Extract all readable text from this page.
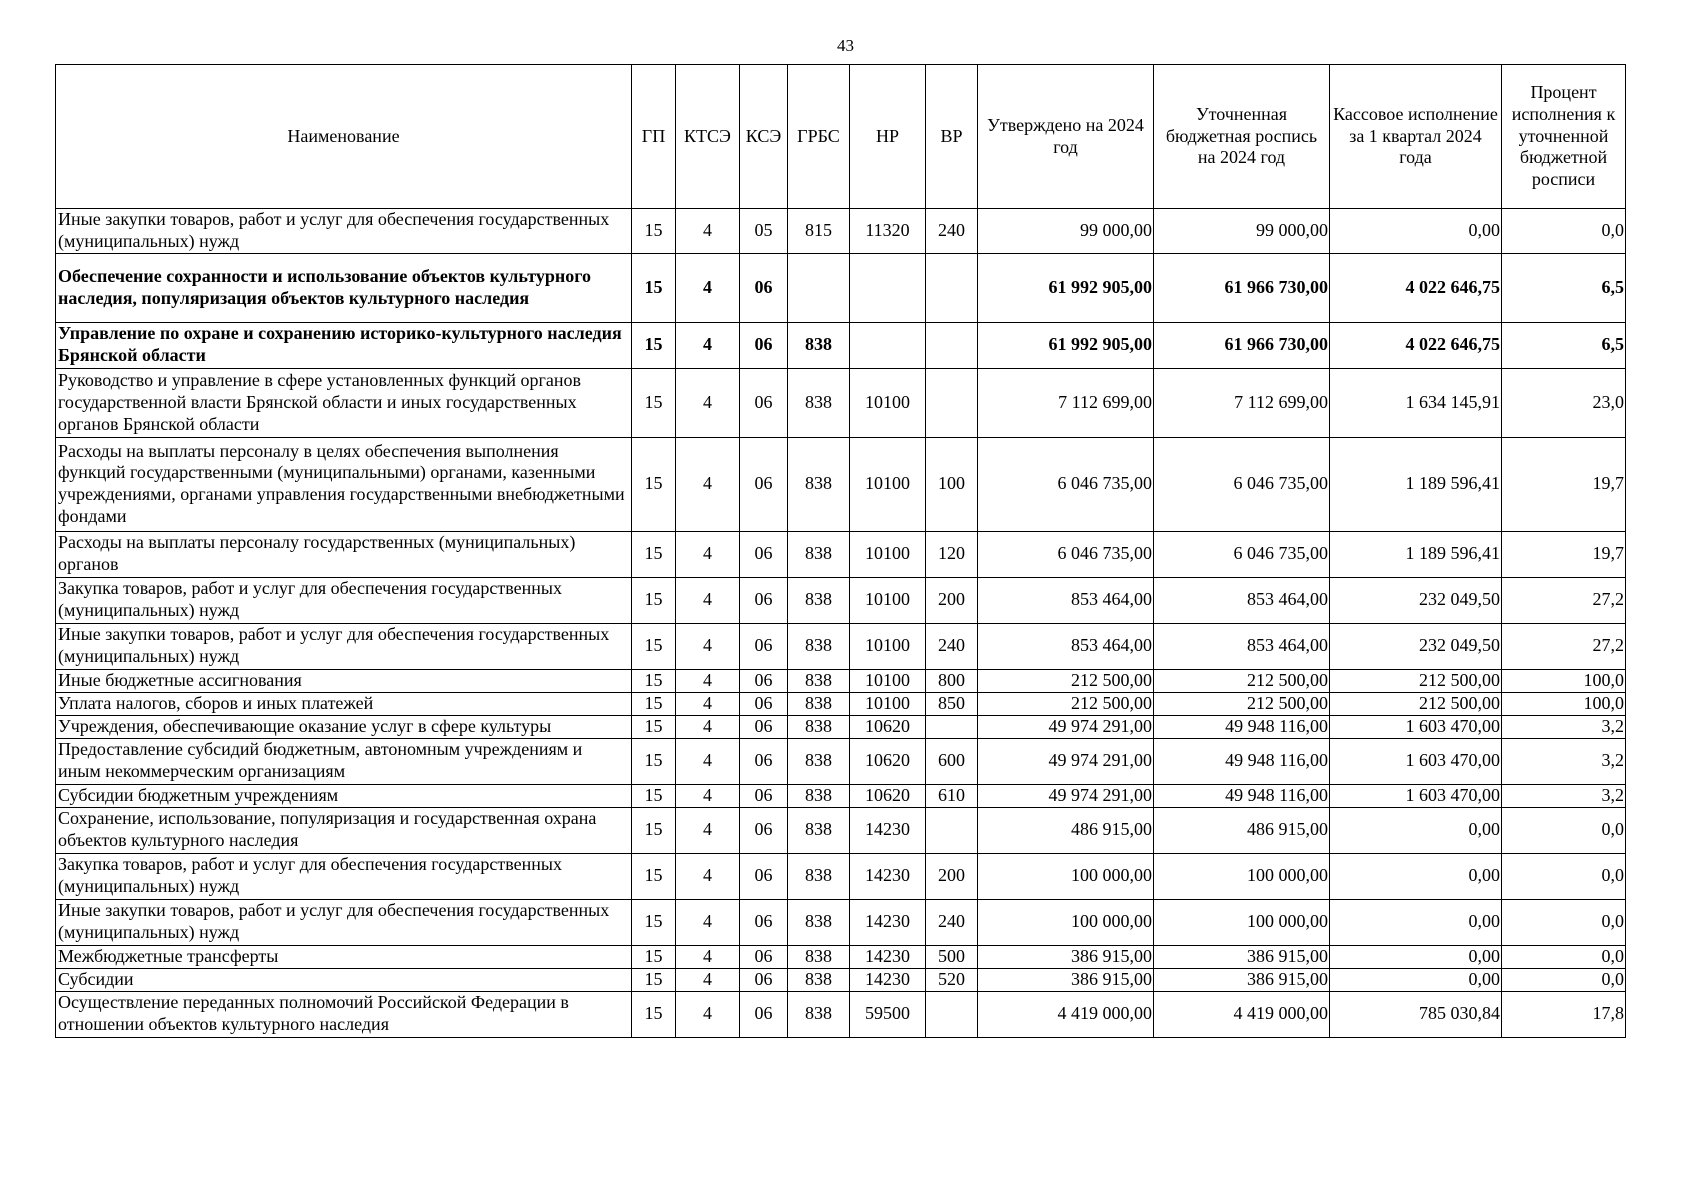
43
Наименование	ГП	КТСЭ	КСЭ	ГРБС	НР	ВР	Утверждено на 2024 год	Уточненная бюджетная роспись на 2024 год	Кассовое исполнение за 1 квартал 2024 года	Процент исполнения к уточненной бюджетной росписи

Иные закупки товаров, работ и услуг для обеспечения государственных (муниципальных) нужд	15	4	05	815	11320	240	99 000,00	99 000,00	0,00	0,0
Обеспечение сохранности и использование объектов культурного наследия, популяризация объектов культурного наследия	15	4	06				61 992 905,00	61 966 730,00	4 022 646,75	6,5
Управление по охране и сохранению историко-культурного наследия Брянской области	15	4	06	838			61 992 905,00	61 966 730,00	4 022 646,75	6,5
Руководство и управление в сфере установленных функций органов государственной власти Брянской области и иных государственных органов Брянской области	15	4	06	838	10100		7 112 699,00	7 112 699,00	1 634 145,91	23,0
Расходы на выплаты персоналу в целях обеспечения выполнения функций государственными (муниципальными) органами, казенными учреждениями, органами управления государственными внебюджетными фондами	15	4	06	838	10100	100	6 046 735,00	6 046 735,00	1 189 596,41	19,7
Расходы на выплаты персоналу государственных (муниципальных) органов	15	4	06	838	10100	120	6 046 735,00	6 046 735,00	1 189 596,41	19,7
Закупка товаров, работ и услуг для обеспечения государственных (муниципальных) нужд	15	4	06	838	10100	200	853 464,00	853 464,00	232 049,50	27,2
Иные закупки товаров, работ и услуг для обеспечения государственных (муниципальных) нужд	15	4	06	838	10100	240	853 464,00	853 464,00	232 049,50	27,2
Иные бюджетные ассигнования	15	4	06	838	10100	800	212 500,00	212 500,00	212 500,00	100,0
Уплата налогов, сборов и иных платежей	15	4	06	838	10100	850	212 500,00	212 500,00	212 500,00	100,0
Учреждения, обеспечивающие оказание услуг в сфере культуры	15	4	06	838	10620		49 974 291,00	49 948 116,00	1 603 470,00	3,2
Предоставление субсидий бюджетным, автономным учреждениям и иным некоммерческим организациям	15	4	06	838	10620	600	49 974 291,00	49 948 116,00	1 603 470,00	3,2
Субсидии бюджетным учреждениям	15	4	06	838	10620	610	49 974 291,00	49 948 116,00	1 603 470,00	3,2
Сохранение, использование, популяризация и государственная охрана объектов культурного наследия	15	4	06	838	14230		486 915,00	486 915,00	0,00	0,0
Закупка товаров, работ и услуг для обеспечения государственных (муниципальных) нужд	15	4	06	838	14230	200	100 000,00	100 000,00	0,00	0,0
Иные закупки товаров, работ и услуг для обеспечения государственных (муниципальных) нужд	15	4	06	838	14230	240	100 000,00	100 000,00	0,00	0,0
Межбюджетные трансферты	15	4	06	838	14230	500	386 915,00	386 915,00	0,00	0,0
Субсидии	15	4	06	838	14230	520	386 915,00	386 915,00	0,00	0,0
Осуществление переданных полномочий Российской Федерации в отношении объектов культурного наследия	15	4	06	838	59500		4 419 000,00	4 419 000,00	785 030,84	17,8
